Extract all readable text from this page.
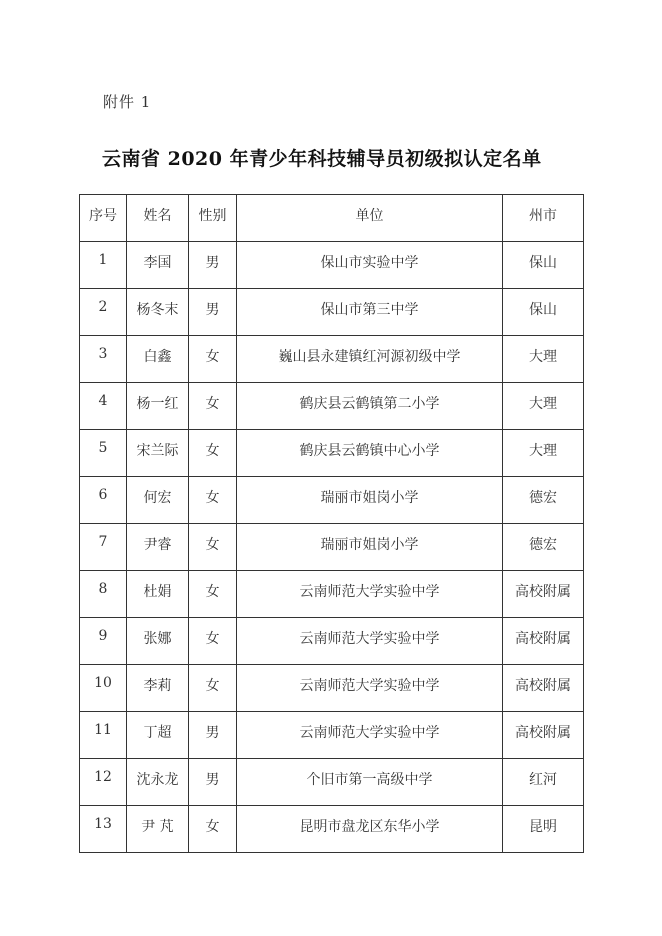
附件 1
云南省 2020 年青少年科技辅导员初级拟认定名单
序号	姓名	性别	单位	州市
1	李国	男	保山市实验中学	保山
2	杨冬末	男	保山市第三中学	保山
3	白鑫	女	巍山县永建镇红河源初级中学	大理
4	杨一红	女	鹤庆县云鹤镇第二小学	大理
5	宋兰际	女	鹤庆县云鹤镇中心小学	大理
6	何宏	女	瑞丽市姐岗小学	德宏
7	尹睿	女	瑞丽市姐岗小学	德宏
8	杜娟	女	云南师范大学实验中学	高校附属
9	张娜	女	云南师范大学实验中学	高校附属
10	李莉	女	云南师范大学实验中学	高校附属
11	丁超	男	云南师范大学实验中学	高校附属
12	沈永龙	男	个旧市第一高级中学	红河
13	尹 芃	女	昆明市盘龙区东华小学	昆明
